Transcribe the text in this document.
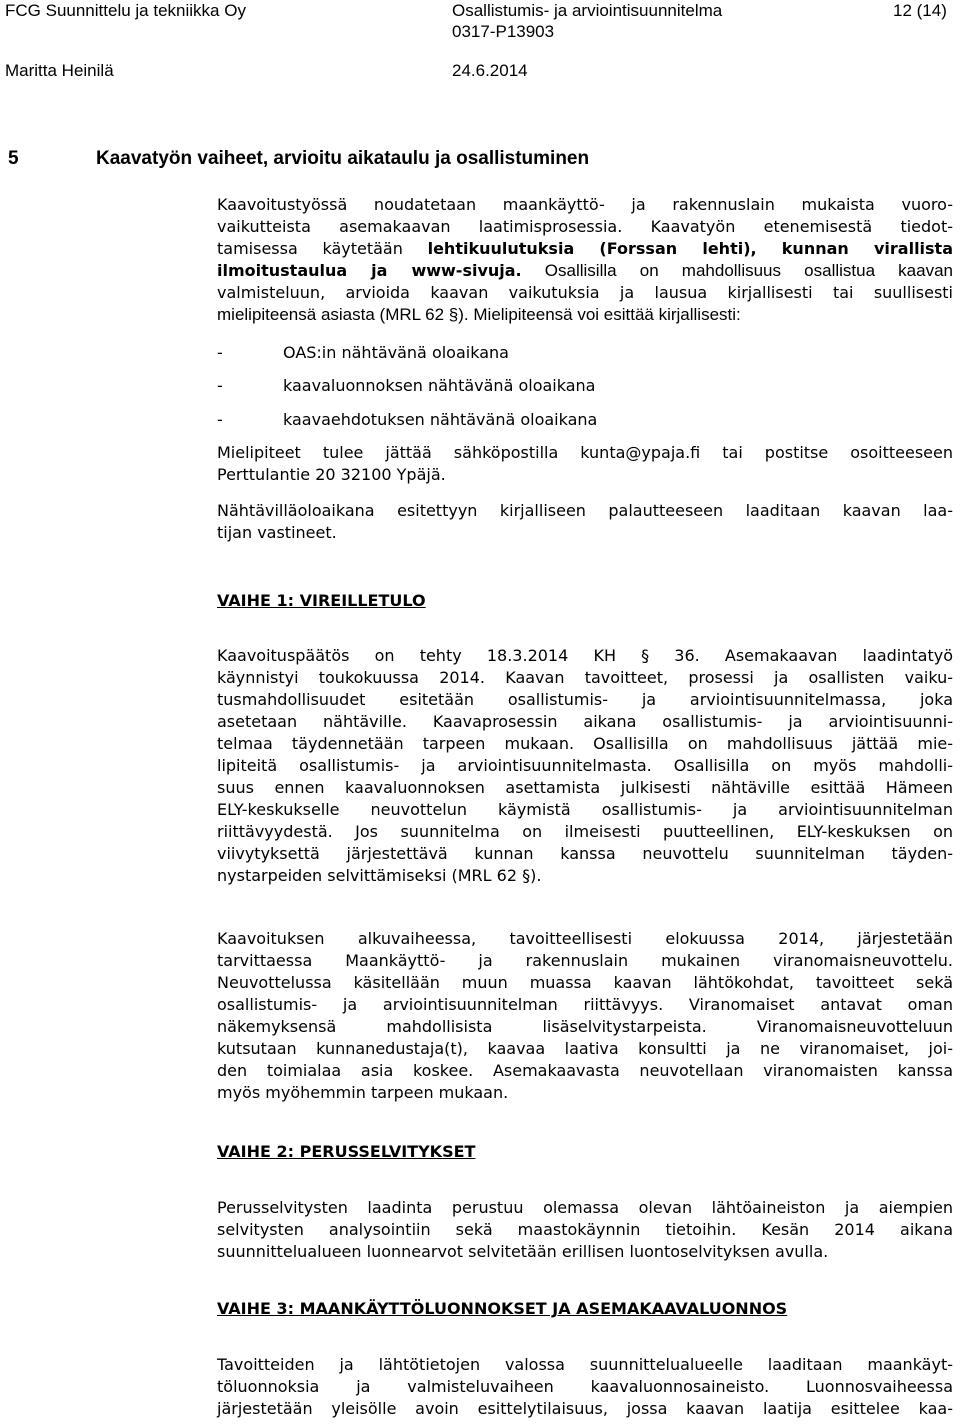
FCG Suunnittelu ja tekniikka Oy	Osallistumis- ja arviointisuunnitelma	12 (14)
0317-P13903
Maritta Heinilä	24.6.2014
5	Kaavatyön vaiheet, arvioitu aikataulu ja osallistuminen
Kaavoitustyössä noudatetaan maankäyttö- ja rakennuslain mukaista vuoro-
vaikutteista asemakaavan laatimisprosessia. Kaavatyön etenemisestä tiedot-
tamisessa käytetään lehtikuulutuksia (Forssan lehti), kunnan virallista
ilmoitustaulua ja www-sivuja. Osallisilla on mahdollisuus osallistua kaavan
valmisteluun, arvioida kaavan vaikutuksia ja lausua kirjallisesti tai suullisesti
mielipiteensä asiasta (MRL 62 §). Mielipiteensä voi esittää kirjallisesti:
-	OAS:in nähtävänä oloaikana
-	kaavaluonnoksen nähtävänä oloaikana
-	kaavaehdotuksen nähtävänä oloaikana
Mielipiteet tulee jättää sähköpostilla kunta@ypaja.fi tai postitse osoitteeseen
Perttulantie 20 32100 Ypäjä.
Nähtävilläoloaikana esitettyyn kirjalliseen palautteeseen laaditaan kaavan laa-
tijan vastineet.
VAIHE 1: VIREILLETULO
Kaavoituspäätös on tehty 18.3.2014 KH § 36. Asemakaavan laadintatyö
käynnistyi toukokuussa 2014. Kaavan tavoitteet, prosessi ja osallisten vaiku-
tusmahdollisuudet esitetään osallistumis- ja arviointisuunnitelmassa, joka
asetetaan nähtäville. Kaavaprosessin aikana osallistumis- ja arviointisuunni-
telmaa täydennetään tarpeen mukaan. Osallisilla on mahdollisuus jättää mie-
lipiteitä osallistumis- ja arviointisuunnitelmasta. Osallisilla on myös mahdolli-
suus ennen kaavaluonnoksen asettamista julkisesti nähtäville esittää Hämeen
ELY-keskukselle neuvottelun käymistä osallistumis- ja arviointisuunnitelman
riittävyydestä. Jos suunnitelma on ilmeisesti puutteellinen, ELY-keskuksen on
viivytyksettä järjestettävä kunnan kanssa neuvottelu suunnitelman täyden-
nystarpeiden selvittämiseksi (MRL 62 §).
Kaavoituksen alkuvaiheessa, tavoitteellisesti elokuussa 2014, järjestetään
tarvittaessa Maankäyttö- ja rakennuslain mukainen viranomaisneuvottelu.
Neuvottelussa käsitellään muun muassa kaavan lähtökohdat, tavoitteet sekä
osallistumis- ja arviointisuunnitelman riittävyys. Viranomaiset antavat oman
näkemyksensä mahdollisista lisäselvitystarpeista. Viranomaisneuvotteluun
kutsutaan kunnanedustaja(t), kaavaa laativa konsultti ja ne viranomaiset, joi-
den toimialaa asia koskee. Asemakaavasta neuvotellaan viranomaisten kanssa
myös myöhemmin tarpeen mukaan.
VAIHE 2: PERUSSELVITYKSET
Perusselvitysten laadinta perustuu olemassa olevan lähtöaineiston ja aiempien
selvitysten analysointiin sekä maastokäynnin tietoihin. Kesän 2014 aikana
suunnittelualueen luonnearvot selvitetään erillisen luontoselvityksen avulla.
VAIHE 3: MAANKÄYTTÖLUONNOKSET JA ASEMAKAAVALUONNOS
Tavoitteiden ja lähtötietojen valossa suunnittelualueelle laaditaan maankäyt-
töluonnoksia ja valmisteluvaiheen kaavaluonnosaineisto. Luonnosvaiheessa
järjestetään yleisölle avoin esittelytilaisuus, jossa kaavan laatija esittelee kaa-
